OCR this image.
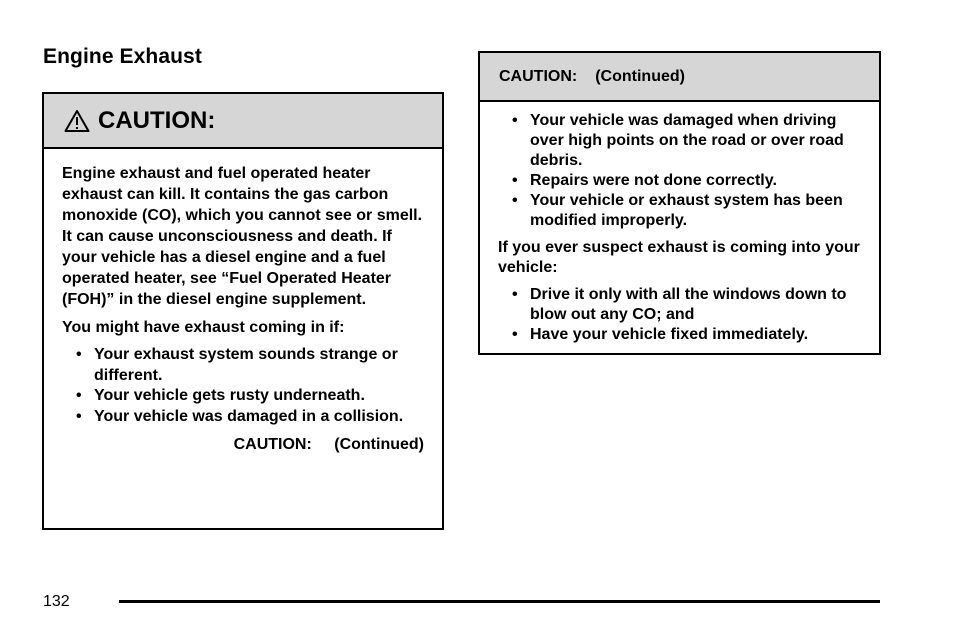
Engine Exhaust
CAUTION:

Engine exhaust and fuel operated heater exhaust can kill. It contains the gas carbon monoxide (CO), which you cannot see or smell. It can cause unconsciousness and death. If your vehicle has a diesel engine and a fuel operated heater, see “Fuel Operated Heater (FOH)” in the diesel engine supplement.

You might have exhaust coming in if:

• Your exhaust system sounds strange or different.
• Your vehicle gets rusty underneath.
• Your vehicle was damaged in a collision.
CAUTION: (Continued)
CAUTION: (Continued)
• Your vehicle was damaged when driving over high points on the road or over road debris.
• Repairs were not done correctly.
• Your vehicle or exhaust system has been modified improperly.

If you ever suspect exhaust is coming into your vehicle:

• Drive it only with all the windows down to blow out any CO; and
• Have your vehicle fixed immediately.
132
